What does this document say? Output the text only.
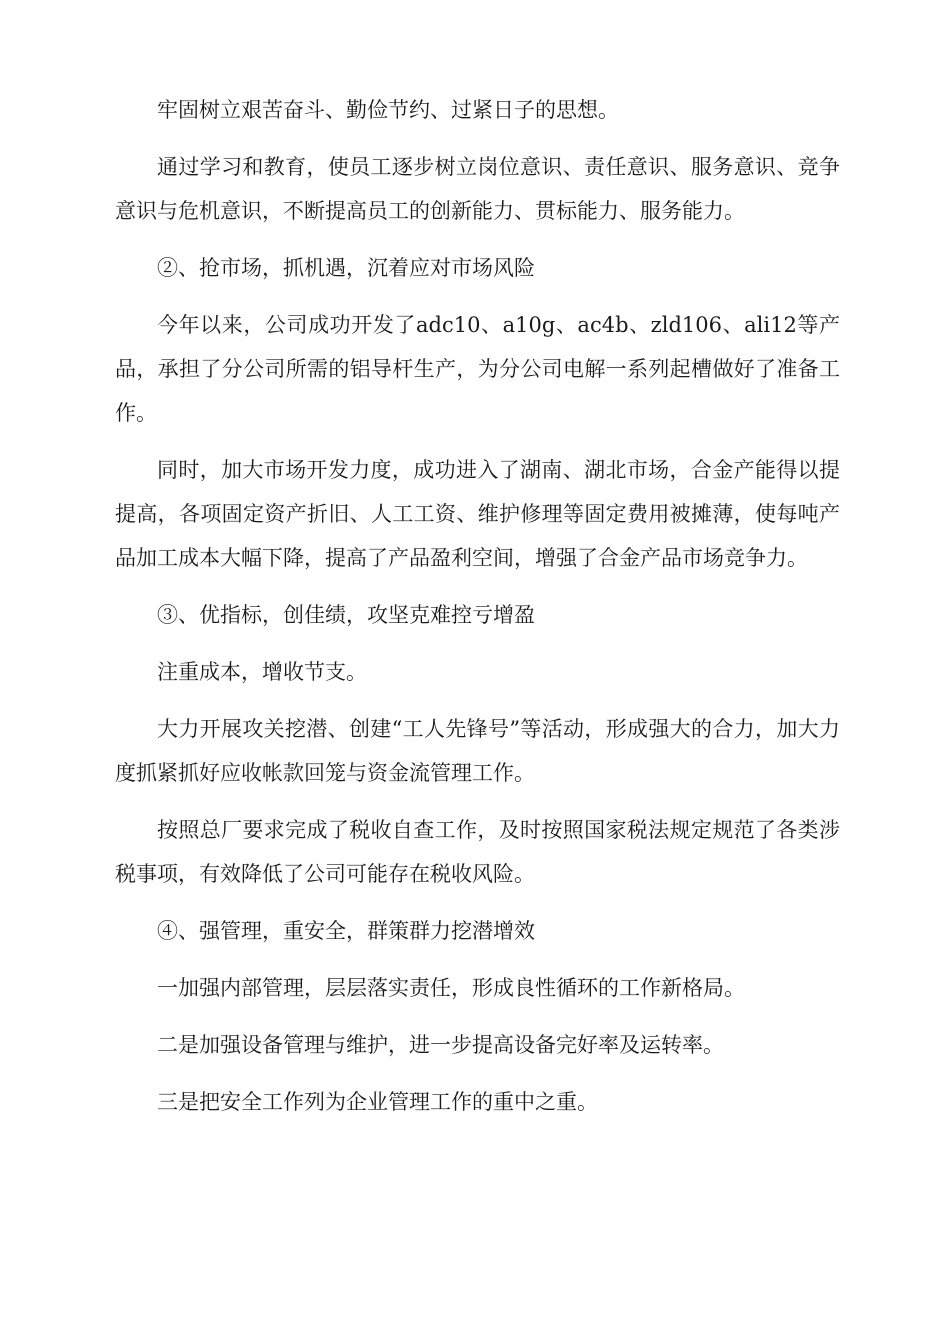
牢固树立艰苦奋斗、勤俭节约、过紧日子的思想。

通过学习和教育，使员工逐步树立岗位意识、责任意识、服务意识、竞争意识与危机意识，不断提高员工的创新能力、贯标能力、服务能力。

②、抢市场，抓机遇，沉着应对市场风险

今年以来，公司成功开发了adc10、a10g、ac4b、zld106、ali12等产品，承担了分公司所需的铝导杆生产，为分公司电解一系列起槽做好了准备工作。

同时，加大市场开发力度，成功进入了湖南、湖北市场，合金产能得以提提高，各项固定资产折旧、人工工资、维护修理等固定费用被摊薄，使每吨产品加工成本大幅下降，提高了产品盈利空间，增强了合金产品市场竞争力。

③、优指标，创佳绩，攻坚克难控亏增盈

注重成本，增收节支。

大力开展攻关挖潜、创建“工人先锋号”等活动，形成强大的合力，加大力度抓紧抓好应收帐款回笼与资金流管理工作。

按照总厂要求完成了税收自查工作，及时按照国家税法规定规范了各类涉税事项，有效降低了公司可能存在税收风险。

④、强管理，重安全，群策群力挖潜增效

一加强内部管理，层层落实责任，形成良性循环的工作新格局。

二是加强设备管理与维护，进一步提高设备完好率及运转率。

三是把安全工作列为企业管理工作的重中之重。
